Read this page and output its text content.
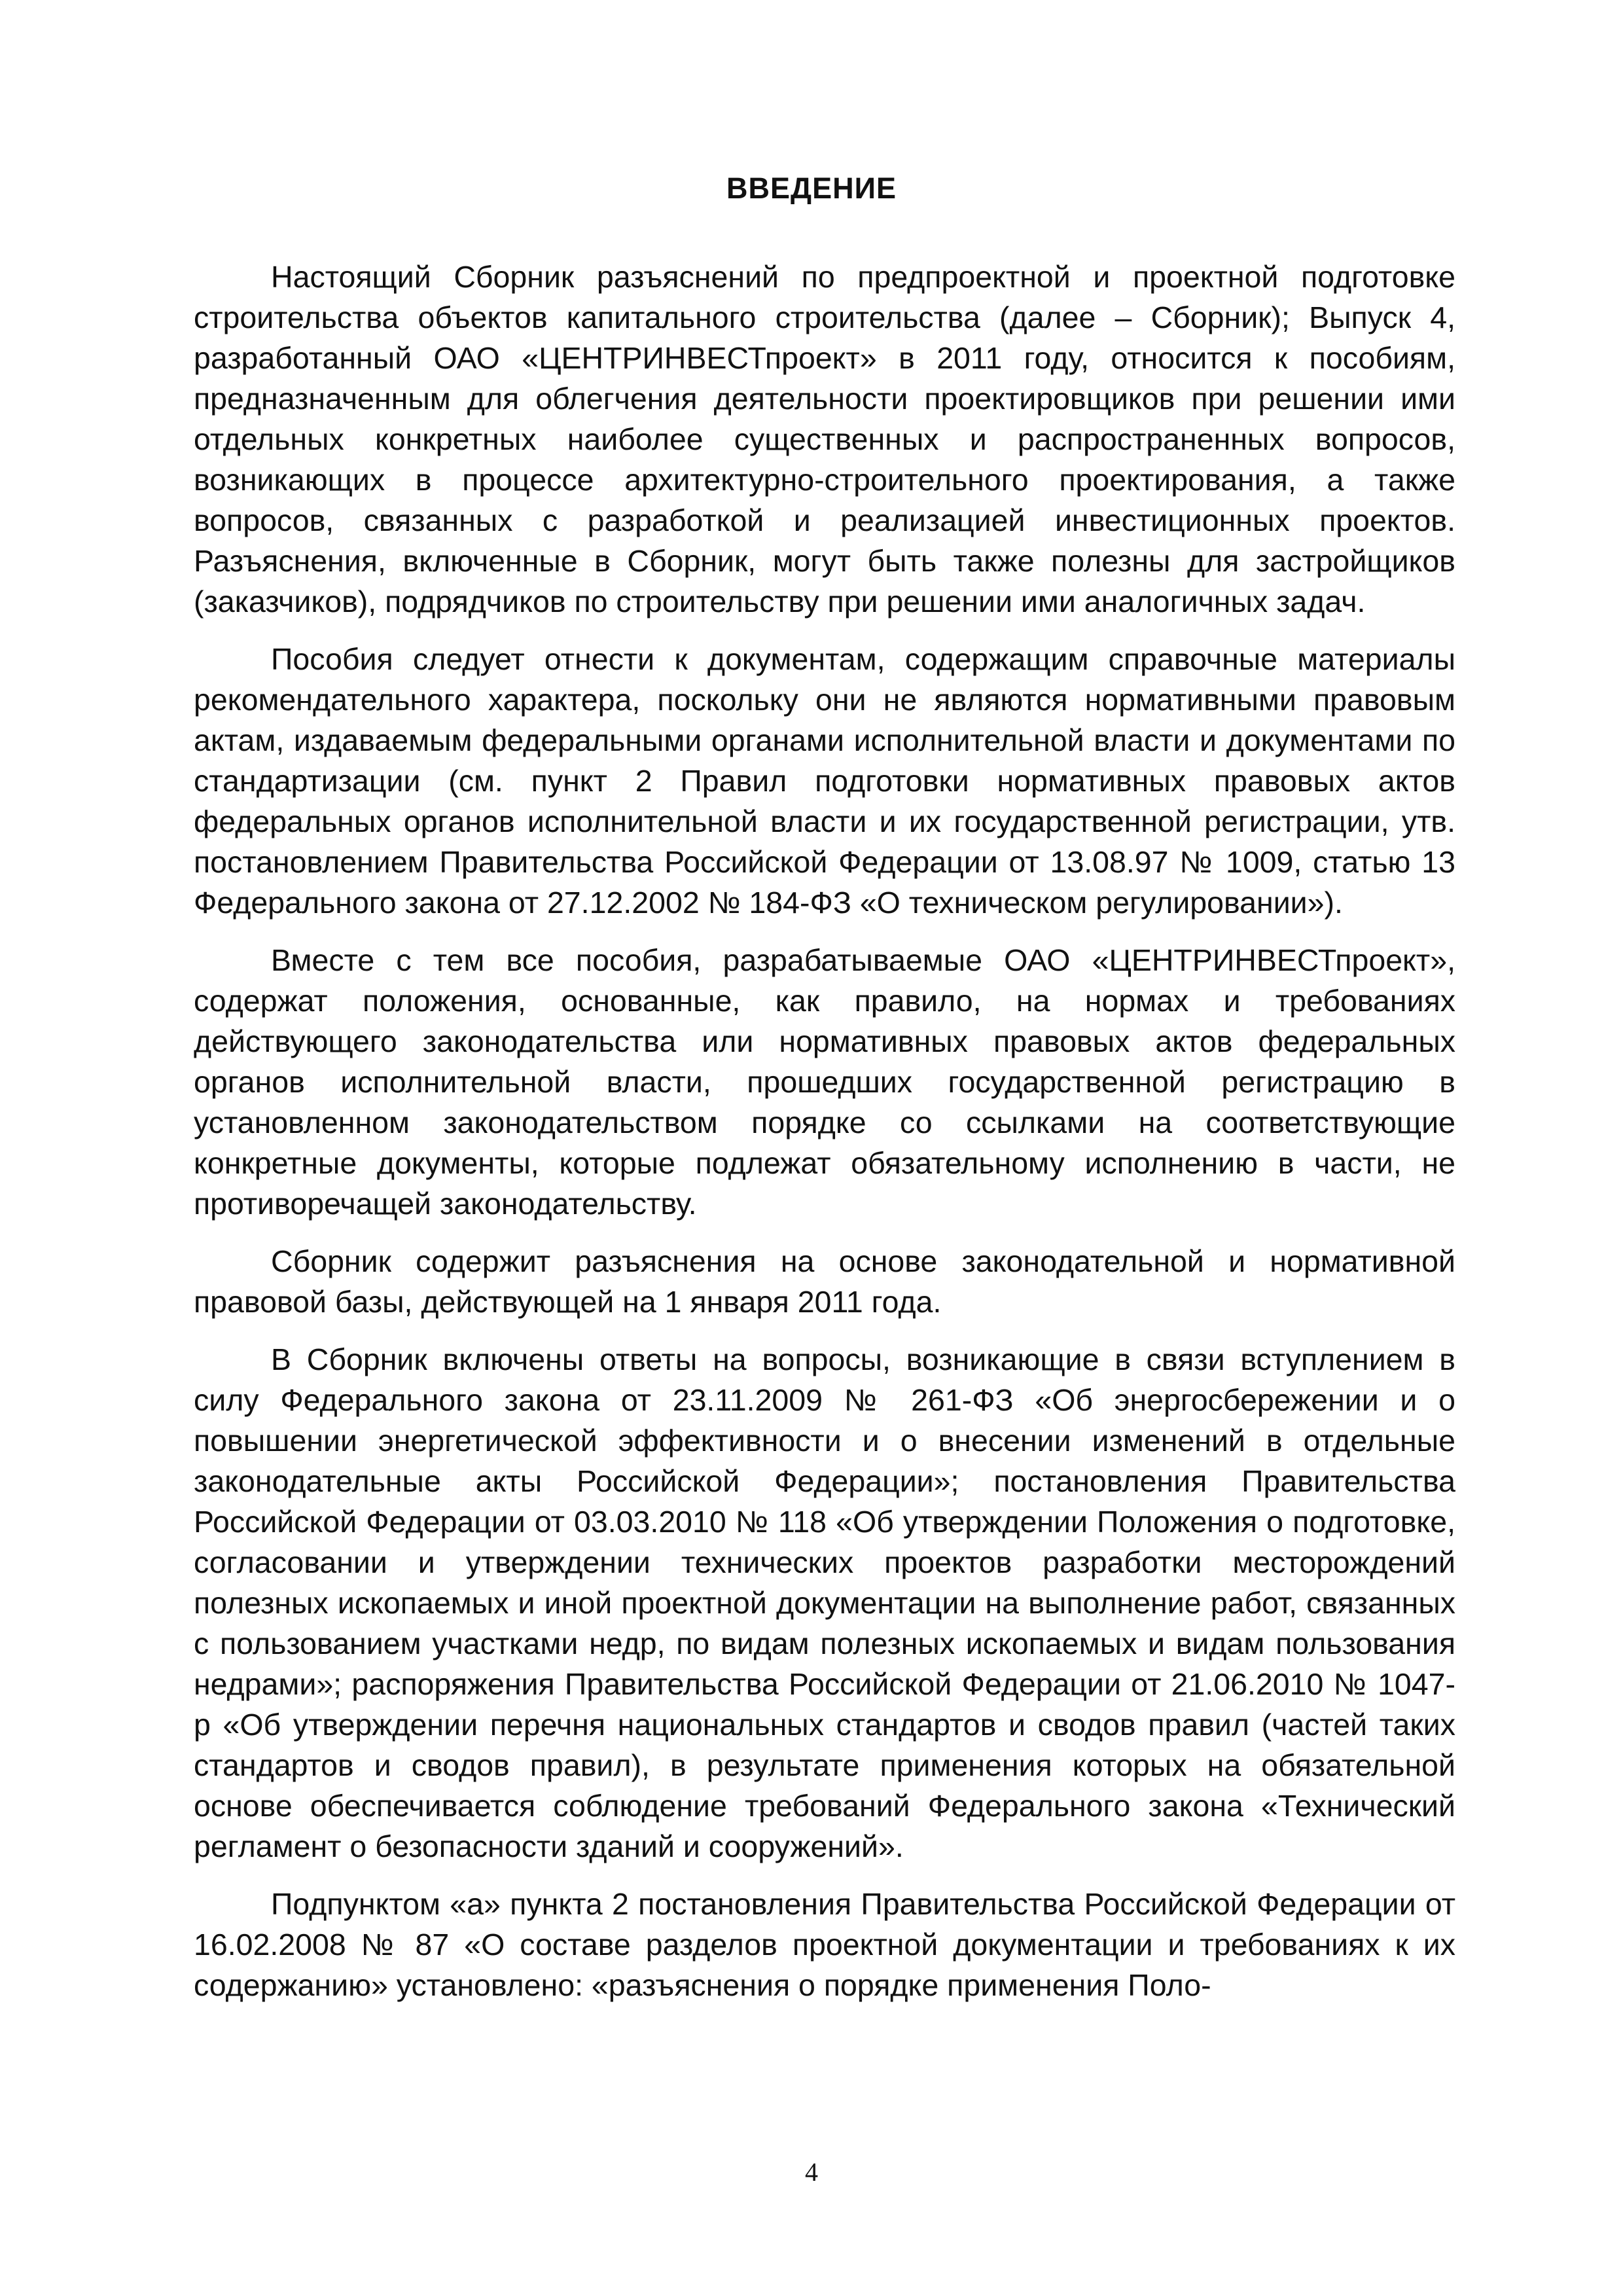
ВВЕДЕНИЕ

Настоящий Сборник разъяснений по предпроектной и проектной подготовке строительства объектов капитального строительства (далее – Сборник); Выпуск 4, разработанный ОАО «ЦЕНТРИНВЕСТпроект» в 2011 году, относится к пособиям, предназначенным для облегчения деятельности проектировщиков при решении ими отдельных конкретных наиболее существенных и распространенных вопросов, возникающих в процессе архитектурно-строительного проектирования, а также вопросов, связанных с разработкой и реализацией инвестиционных проектов. Разъяснения, включенные в Сборник, могут быть также полезны для застройщиков (заказчиков), подрядчиков по строительству при решении ими аналогичных задач.

Пособия следует отнести к документам, содержащим справочные материалы рекомендательного характера, поскольку они не являются нормативными правовым актам, издаваемым федеральными органами исполнительной власти и документами по стандартизации (см. пункт 2 Правил подготовки нормативных правовых актов федеральных органов исполнительной власти и их государственной регистрации, утв. постановлением Правительства Российской Федерации от 13.08.97 № 1009, статью 13 Федерального закона от 27.12.2002 № 184-ФЗ «О техническом регулировании»).

Вместе с тем все пособия, разрабатываемые ОАО «ЦЕНТРИНВЕСТпроект», содержат положения, основанные, как правило, на нормах и требованиях действующего законодательства или нормативных правовых актов федеральных органов исполнительной власти, прошедших государственной регистрацию в установленном законодательством порядке со ссылками на соответствующие конкретные документы, которые подлежат обязательному исполнению в части, не противоречащей законодательству.

Сборник содержит разъяснения на основе законодательной и нормативной правовой базы, действующей на 1 января 2011 года.

В Сборник включены ответы на вопросы, возникающие в связи вступлением в силу Федерального закона от 23.11.2009 № 261-ФЗ «Об энергосбережении и о повышении энергетической эффективности и о внесении изменений в отдельные законодательные акты Российской Федерации»; постановления Правительства Российской Федерации от 03.03.2010 № 118 «Об утверждении Положения о подготовке, согласовании и утверждении технических проектов разработки месторождений полезных ископаемых и иной проектной документации на выполнение работ, связанных с пользованием участками недр, по видам полезных ископаемых и видам пользования недрами»; распоряжения Правительства Российской Федерации от 21.06.2010 № 1047-р «Об утверждении перечня национальных стандартов и сводов правил (частей таких стандартов и сводов правил), в результате применения которых на обязательной основе обеспечивается соблюдение требований Федерального закона «Технический регламент о безопасности зданий и сооружений».

Подпунктом «а» пункта 2 постановления Правительства Российской Федерации от 16.02.2008 № 87 «О составе разделов проектной документации и требованиях к их содержанию» установлено: «разъяснения о порядке применения Поло-

4
